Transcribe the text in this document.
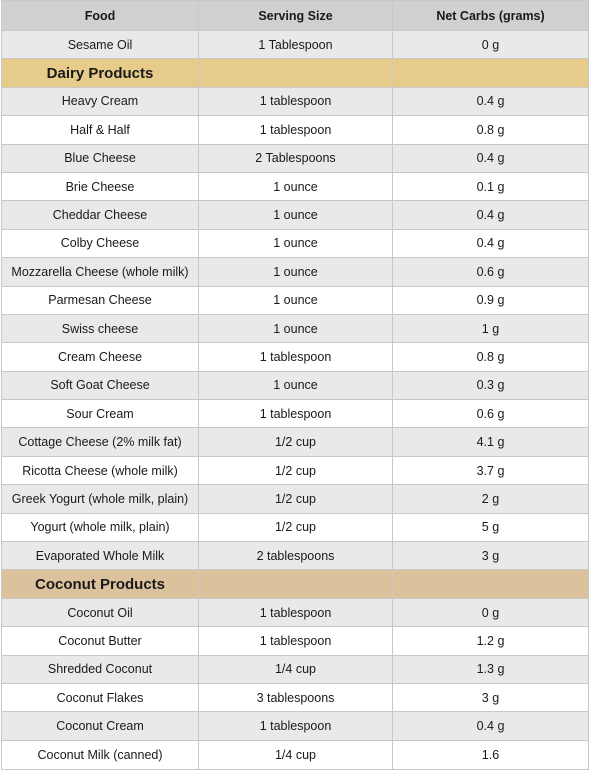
Food	Serving Size	Net Carbs (grams)
Sesame Oil	1 Tablespoon	0 g
Dairy Products
Heavy Cream	1 tablespoon	0.4 g
Half & Half	1 tablespoon	0.8 g
Blue Cheese	2 Tablespoons	0.4 g
Brie Cheese	1 ounce	0.1 g
Cheddar Cheese	1 ounce	0.4 g
Colby Cheese	1 ounce	0.4 g
Mozzarella Cheese (whole milk)	1 ounce	0.6 g
Parmesan Cheese	1 ounce	0.9 g
Swiss cheese	1 ounce	1 g
Cream Cheese	1 tablespoon	0.8 g
Soft Goat Cheese	1 ounce	0.3 g
Sour Cream	1 tablespoon	0.6 g
Cottage Cheese (2% milk fat)	1/2 cup	4.1 g
Ricotta Cheese (whole milk)	1/2 cup	3.7 g
Greek Yogurt (whole milk, plain)	1/2 cup	2 g
Yogurt (whole milk, plain)	1/2 cup	5 g
Evaporated Whole Milk	2 tablespoons	3 g
Coconut Products
Coconut Oil	1 tablespoon	0 g
Coconut Butter	1 tablespoon	1.2 g
Shredded Coconut	1/4 cup	1.3 g
Coconut Flakes	3 tablespoons	3 g
Coconut Cream	1 tablespoon	0.4 g
Coconut Milk (canned)	1/4 cup	1.6
